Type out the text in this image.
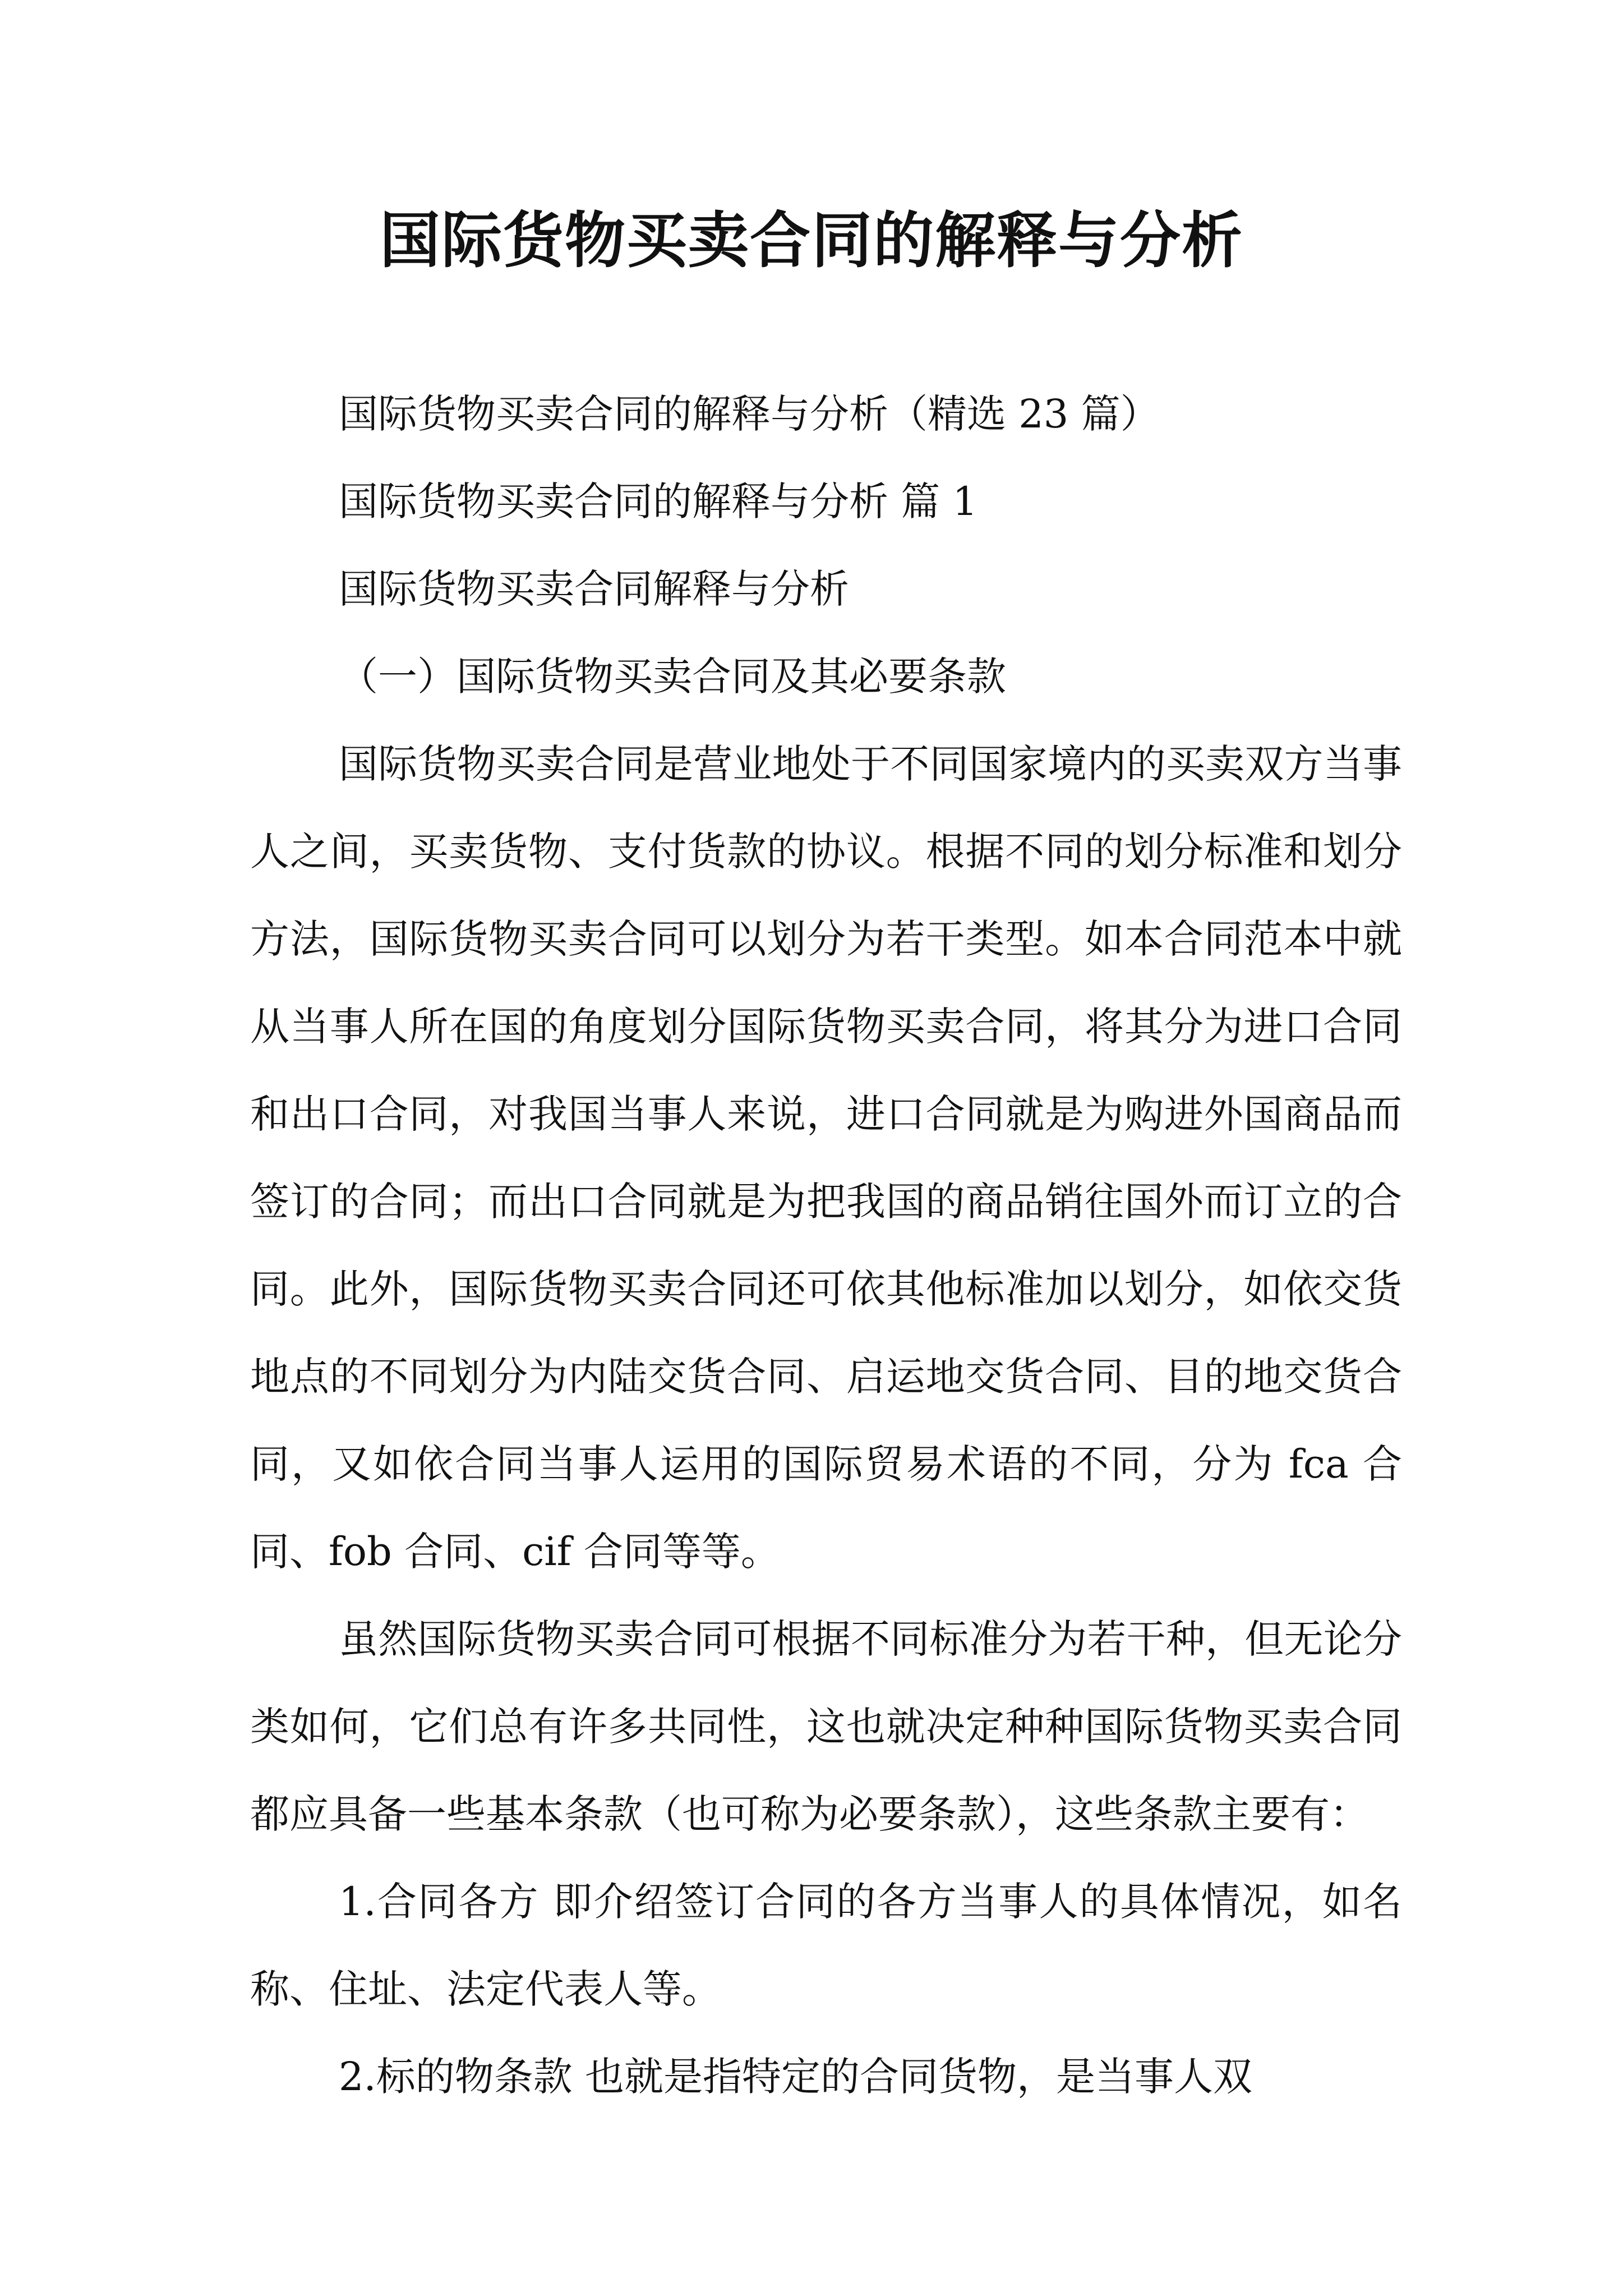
国际货物买卖合同的解释与分析

国际货物买卖合同的解释与分析（精选 23 篇）

国际货物买卖合同的解释与分析 篇 1

国际货物买卖合同解释与分析

（一）国际货物买卖合同及其必要条款

国际货物买卖合同是营业地处于不同国家境内的买卖双方当事人之间，买卖货物、支付货款的协议。根据不同的划分标准和划分方法，国际货物买卖合同可以划分为若干类型。如本合同范本中就从当事人所在国的角度划分国际货物买卖合同，将其分为进口合同和出口合同，对我国当事人来说，进口合同就是为购进外国商品而签订的合同；而出口合同就是为把我国的商品销往国外而订立的合同。此外，国际货物买卖合同还可依其他标准加以划分，如依交货地点的不同划分为内陆交货合同、启运地交货合同、目的地交货合同，又如依合同当事人运用的国际贸易术语的不同，分为 fca 合同、fob 合同、cif 合同等等。

虽然国际货物买卖合同可根据不同标准分为若干种，但无论分类如何，它们总有许多共同性，这也就决定种种国际货物买卖合同都应具备一些基本条款（也可称为必要条款），这些条款主要有：

1.合同各方 即介绍签订合同的各方当事人的具体情况，如名称、住址、法定代表人等。

2.标的物条款 也就是指特定的合同货物，是当事人双
